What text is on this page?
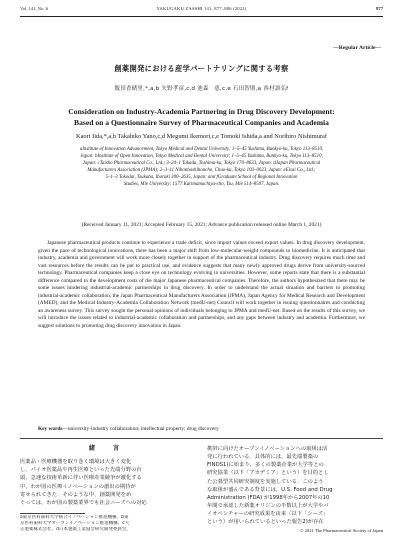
Vol. 141, No. 6	YAKUGAKU ZASSHI 141, 877–886 (2021)	877
—Regular Article—
創薬開発における産学パートナリングに関する考察
飯田香緒里,*,a,b 矢野孝彦,c,d 池森　恵,c,e 石田智則,a 西村訓弘f
Consideration on Industry-Academia Partnering in Drug Discovery Development:
Based on a Questionnaire Survey of Pharmaceutical Companies and Academia
Kaori Iida,*,a,b Takahiko Yano,c,d Megumi Ikemori,c,e Tomoki Ishida,a and Norihiro Nishimuraf
aInstitute of Innovation Advancement, Tokyo Medical and Dental University; 1–5–45 Yushima, Bunkyo-ku, Tokyo 113–8510,
Japan: bInstitute of Open Innovation, Tokyo Medical and Dental University; 1–5–45 Yushima, Bunkyo-ku, Tokyo 113–8510,
Japan: cTaisho Pharmaceutical Co., Ltd.; 3–24–1 Takada, Toshima-ku, Tokyo 170–8633, Japan: dJapan Pharmaceutical
Manufacturers Association (JPMA); 2–3–11 Nihonbashihoncho, Chuo-ku, Tokyo 103–0023, Japan: eEisai Co., Ltd.;
5–1–3 Tokodai, Tsukuba, Ibaraki 300–2635, Japan: and fGraduate School of Regional Innovation
Studies, Mie University; 1577 Kurimamachiya-cho, Tsu, Mie 514–8507, Japan.
(Received January 11, 2021; Accepted February 15, 2021; Advance publication released online March 1, 2021)

Japanese pharmaceutical products continue to experience a trade deficit, since import values exceed export values. In drug discovery development, given the pace of technological innovations, there has been a major shift from low-molecular-weight compounds to biomedicine. It is anticipated that industry, academia and government will work more closely together in support of the pharmaceutical industry. Drug discovery requires much time and vast resources before the results can be put to practical use, and evidence suggests that many newly approved drugs derive from university-sourced technology. Pharmaceutical companies keep a close eye on technology evolving in universities. However, some reports state that there is a substantial difference compared to the development costs of the major Japanese pharmaceutical companies. Therefore, the authors hypothesized that there may be some issues hindering industrial-academic partnerships in drug discovery. In order to understand the actual situation and barriers to promoting industrial-academic collaboration, the Japan Pharmaceutical Manufacturers Association (JPMA), Japan Agency for Medical Research and Development (AMED), and the Medical Industry-Academia Collaboration Network (medU-net) Council will work together in issuing questionnaires and conducting an awareness survey. This survey sought the personal opinions of individuals belonging to JPMA and medU-net. Based on the results of this survey, we will introduce the issues related to industrial-academic collaboration and partnerships, and any gaps between industry and academia. Furthermore, we suggest solutions to promoting drug discovery innovation in Japan.

Key words—university-industry collaboration; intellectual property; drug discovery
緒　言
医薬品・医療機器を取り巻く環境は大きく変化
し，バイオ医薬品や再生医療といった先端分野の台
頭，急速な技術革新に伴い医療産業競争が激化する
中，わが国の医療イノベーションの創出の期待が
寄せられてきた．そのような中，創薬開発をめ
ぐっては，わが国の製薬業界でも社会ニーズへの対応
a東京医科歯科大学統合イノベーション推進機構，b東
京医科歯科大学オープンイノベーション推進機構，c大
正製薬株式会社，d日本製薬工業協会研究開発委員会，
携帯に向けたオープンイノベーションへの取組は活
発に行われている．具体的には，最先端製薬の
FINDS1)に始まり，多くの製薬企業が大学等との
研究協業（以下「アカデミア」という）を目的とし
た公募型共同研究制度を実施している．このよう
な取組が盛んである背景には，U.S. Food and Drug
Administration (FDA) が1998年から2007年の10
年間で承認した新薬オリジンの半数以上が大学やバ
イオベンチャーの研究成果を由来（以下「シーズ」
という）が用いられているといった報告2)が存在
© 2021 The Pharmaceutical Society of Japan
